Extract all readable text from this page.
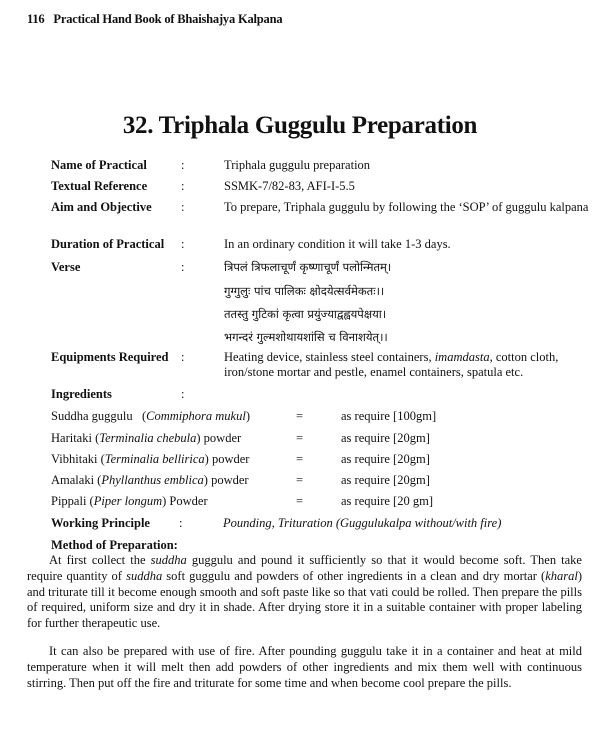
116 Practical Hand Book of Bhaishajya Kalpana
32. Triphala Guggulu Preparation
Name of Practical	:	Triphala guggulu preparation
Textual Reference	:	SSMK-7/82-83, AFI-I-5.5
Aim and Objective :	To prepare, Triphala guggulu by following the ‘SOP’ of guggulu kalpana
Duration of Practical :	In an ordinary condition it will take 1-3 days.
Verse	:	त्रिपलं त्रिफलाचूर्णं कृष्णाचूर्णं पलोन्मितम्।
गुग्गुलुः पांच पालिकः क्षोदयेत्सर्वमेकतः।।
ततस्तु गुटिकां कृत्वा प्रयुंज्याद्वह्वयपेक्षया।
भगन्दरं गुल्मशोथायशांसि च विनाशयेत्।।
Equipments Required :	Heating device, stainless steel containers, imamdasta, cotton cloth, iron/stone mortar and pestle, enamel containers, spatula etc.
Ingredients	:
Suddha guggulu   (Commiphora mukul)	=	as require [100gm]
Haritaki (Terminalia chebula) powder	=	as require [20gm]
Vibhitaki (Terminalia bellirica) powder	=	as require [20gm]
Amalaki (Phyllanthus emblica) powder	=	as require [20gm]
Pippali (Piper longum) Powder	=	as require [20 gm]
Working Principle :	Pounding, Trituration (Guggulukalpa without/with fire)
Method of Preparation:

At first collect the suddha guggulu and pound it sufficiently so that it would become soft. Then take require quantity of suddha soft guggulu and powders of other ingredients in a clean and dry mortar (kharal) and triturate till it become enough smooth and soft paste like so that vati could be rolled. Then prepare the pills of required, uniform size and dry it in shade. After drying store it in a suitable container with proper labeling for further therapeutic use.

It can also be prepared with use of fire. After pounding guggulu take it in a container and heat at mild temperature when it will melt then add powders of other ingredients and mix them well with continuous stirring. Then put off the fire and triturate for some time and when become cool prepare the pills.
